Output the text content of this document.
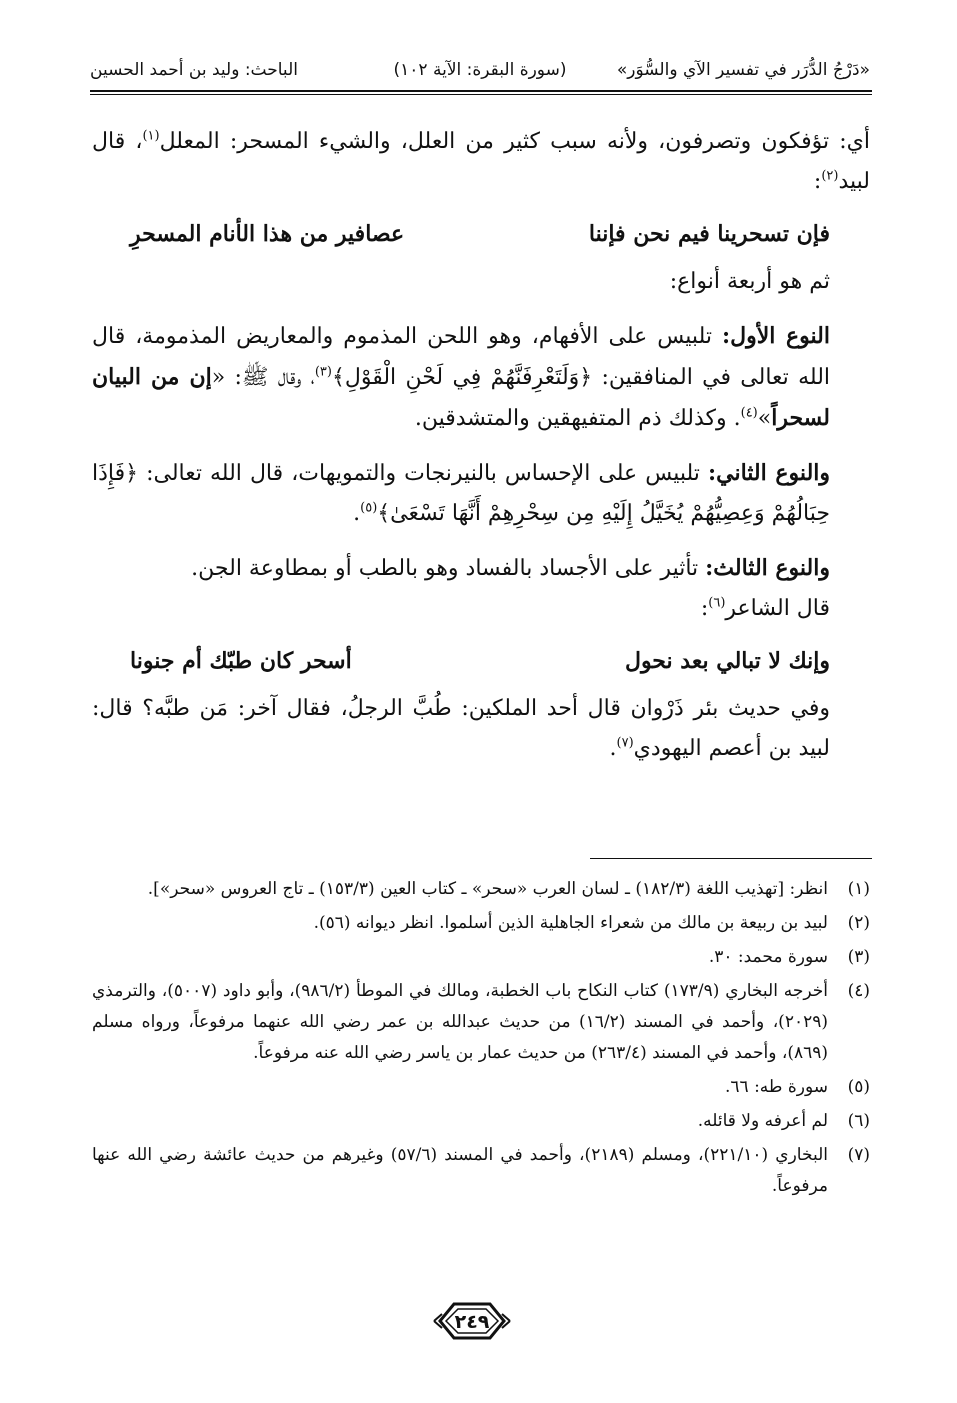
«دَرْجُ الدُّرَر في تفسير الآي والسُّوَر»
(سورة البقرة: الآية ١٠٢)
الباحث: وليد بن أحمد الحسين

أي: تؤفكون وتصرفون، ولأنه سبب كثير من العلل، والشيء المسحر: المعلل$^{(١)}$، قال لبيد$^{(٢)}$:

فإن تسحرينا فيم نحن فإننا
عصافير من هذا الأنام المسحرِ

ثم هو أربعة أنواع:

النوع الأول: تلبيس على الأفهام، وهو اللحن المذموم والمعاريض المذمومة، قال الله تعالى في المنافقين: ﴿وَلَتَعْرِفَنَّهُمْ فِي لَحْنِ الْقَوْلِ﴾$^{(٣)}$، وقال ﷺ: «إن من البيان لسحراً»$^{(٤)}$. وكذلك ذم المتفيهقين والمتشدقين.

والنوع الثاني: تلبيس على الإحساس بالنيرنجات والتمويهات، قال الله تعالى: ﴿فَإِذَا حِبَالُهُمْ وَعِصِيُّهُمْ يُخَيَّلُ إِلَيْهِ مِن سِحْرِهِمْ أَنَّهَا تَسْعَىٰ﴾$^{(٥)}$.

والنوع الثالث: تأثير على الأجساد بالفساد وهو بالطب أو بمطاوعة الجن.

قال الشاعر$^{(٦)}$:

وإنك لا تبالي بعد نحول
أسحر كان طبّك أم جنونا

وفي حديث بئر ذَرْوان قال أحد الملكين: طُبَّ الرجلُ، فقال آخر: مَن طبَّه؟ قال: لبيد بن أعصم اليهودي$^{(٧)}$.

(١)
انظر: [تهذيب اللغة (١٨٢/٣) ـ لسان العرب «سحر» ـ كتاب العين (١٥٣/٣) ـ تاج العروس «سحر»].
(٢)
لبيد بن ربيعة بن مالك من شعراء الجاهلية الذين أسلموا. انظر ديوانه (٥٦).
(٣)
سورة محمد: ٣٠.
(٤)
أخرجه البخاري (١٧٣/٩) كتاب النكاح باب الخطبة، ومالك في الموطأ (٩٨٦/٢)، وأبو داود (٥٠٠٧)، والترمذي (٢٠٢٩)، وأحمد في المسند (١٦/٢) من حديث عبدالله بن عمر رضي الله عنهما مرفوعاً، ورواه مسلم (٨٦٩)، وأحمد في المسند (٢٦٣/٤) من حديث عمار بن ياسر رضي الله عنه مرفوعاً.
(٥)
سورة طه: ٦٦.
(٦)
لم أعرفه ولا قائله.
(٧)
البخاري (٢٢١/١٠)، ومسلم (٢١٨٩)، وأحمد في المسند (٥٧/٦) وغيرهم من حديث عائشة رضي الله عنها مرفوعاً.
٢٤٩
